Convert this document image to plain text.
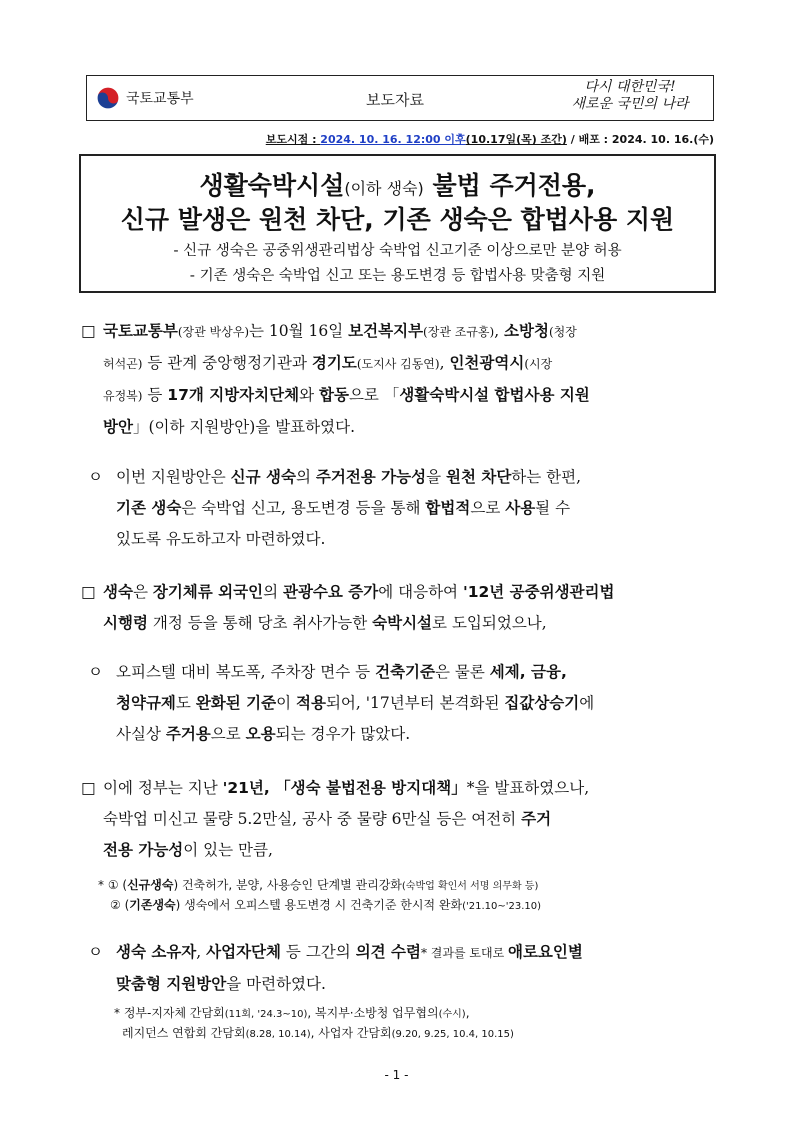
국토교통부	보도자료
다시 대한민국!
새로운 국민의 나라
보도시점 : 2024. 10. 16. 12:00 이후(10.17일(목) 조간) / 배포 : 2024. 10. 16.(수)
생활숙박시설(이하 생숙) 불법 주거전용,
신규 발생은 원천 차단, 기존 생숙은 합법사용 지원
- 신규 생숙은 공중위생관리법상 숙박업 신고기준 이상으로만 분양 허용
- 기존 생숙은 숙박업 신고 또는 용도변경 등 합법사용 맞춤형 지원
□국토교통부(장관 박상우)는 10월 16일 보건복지부(장관 조규홍), 소방청(청장
허석곤) 등 관계 중앙행정기관과 경기도(도지사 김동연), 인천광역시(시장
유정복) 등 17개 지방자치단체와 합동으로 「생활숙박시설 합법사용 지원
방안」(이하 지원방안)을 발표하였다.
ㅇ이번 지원방안은 신규 생숙의 주거전용 가능성을 원천 차단하는 한편,
기존 생숙은 숙박업 신고, 용도변경 등을 통해 합법적으로 사용될 수
있도록 유도하고자 마련하였다.
□생숙은 장기체류 외국인의 관광수요 증가에 대응하여 '12년 공중위생관리법
시행령 개정 등을 통해 당초 취사가능한 숙박시설로 도입되었으나,
ㅇ오피스텔 대비 복도폭, 주차장 면수 등 건축기준은 물론 세제, 금융,
청약규제도 완화된 기준이 적용되어, '17년부터 본격화된 집값상승기에
사실상 주거용으로 오용되는 경우가 많았다.
□이에 정부는 지난 '21년, 「생숙 불법전용 방지대책」*을 발표하였으나,
숙박업 미신고 물량 5.2만실, 공사 중 물량 6만실 등은 여전히 주거
전용 가능성이 있는 만큼,
* ① (신규생숙) 건축허가, 분양, 사용승인 단계별 관리강화(숙박업 확인서 서명 의무화 등)
② (기존생숙) 생숙에서 오피스텔 용도변경 시 건축기준 한시적 완화('21.10~'23.10)
ㅇ생숙 소유자, 사업자단체 등 그간의 의견 수렴* 결과를 토대로 애로요인별
맞춤형 지원방안을 마련하였다.
* 정부-지자체 간담회(11회, '24.3~10), 복지부·소방청 업무협의(수시),
레지던스 연합회 간담회(8.28, 10.14), 사업자 간담회(9.20, 9.25, 10.4, 10.15)
- 1 -
